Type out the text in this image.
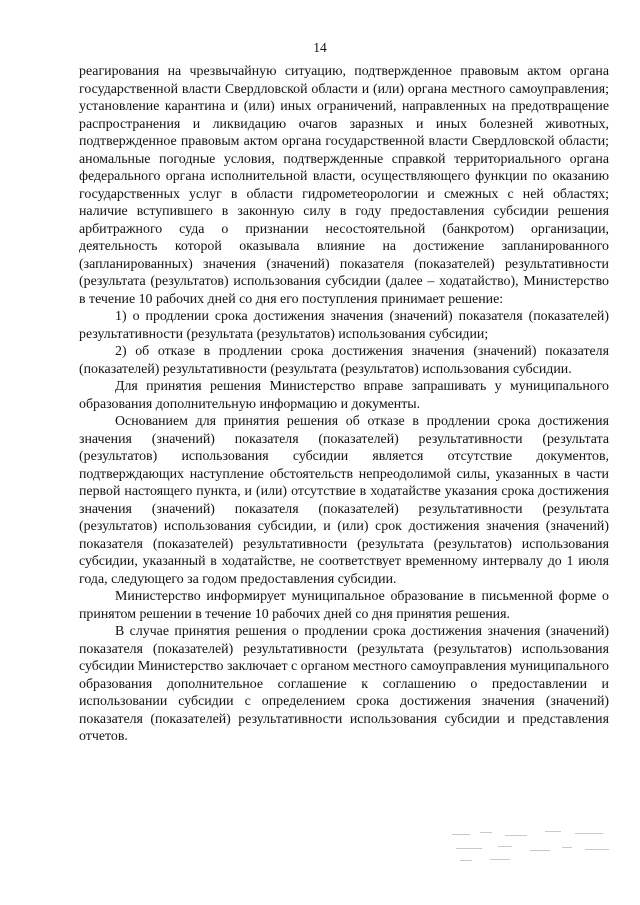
14

реагирования на чрезвычайную ситуацию, подтвержденное правовым актом органа государственной власти Свердловской области и (или) органа местного самоуправления; установление карантина и (или) иных ограничений, направленных на предотвращение распространения и ликвидацию очагов заразных и иных болезней животных, подтвержденное правовым актом органа государственной власти Свердловской области; аномальные погодные условия, подтвержденные справкой территориального органа федерального органа исполнительной власти, осуществляющего функции по оказанию государственных услуг в области гидрометеорологии и смежных с ней областях; наличие вступившего в законную силу в году предоставления субсидии решения арбитражного суда о признании несостоятельной (банкротом) организации, деятельность которой оказывала влияние на достижение запланированного (запланированных) значения (значений) показателя (показателей) результативности (результата (результатов) использования субсидии (далее – ходатайство), Министерство в течение 10 рабочих дней со дня его поступления принимает решение:

1) о продлении срока достижения значения (значений) показателя (показателей) результативности (результата (результатов) использования субсидии;

2) об отказе в продлении срока достижения значения (значений) показателя (показателей) результативности (результата (результатов) использования субсидии.

Для принятия решения Министерство вправе запрашивать у муниципального образования дополнительную информацию и документы.

Основанием для принятия решения об отказе в продлении срока достижения значения (значений) показателя (показателей) результативности (результата (результатов) использования субсидии является отсутствие документов, подтверждающих наступление обстоятельств непреодолимой силы, указанных в части первой настоящего пункта, и (или) отсутствие в ходатайстве указания срока достижения значения (значений) показателя (показателей) результативности (результата (результатов) использования субсидии, и (или) срок достижения значения (значений) показателя (показателей) результативности (результата (результатов) использования субсидии, указанный в ходатайстве, не соответствует временному интервалу до 1 июля года, следующего за годом предоставления субсидии.

Министерство информирует муниципальное образование в письменной форме о принятом решении в течение 10 рабочих дней со дня принятия решения.

В случае принятия решения о продлении срока достижения значения (значений) показателя (показателей) результативности (результата (результатов) использования субсидии Министерство заключает с органом местного самоуправления муниципального образования дополнительное соглашение к соглашению о предоставлении и использовании субсидии с определением срока достижения значения (значений) показателя (показателей) результативности использования субсидии и представления отчетов.
